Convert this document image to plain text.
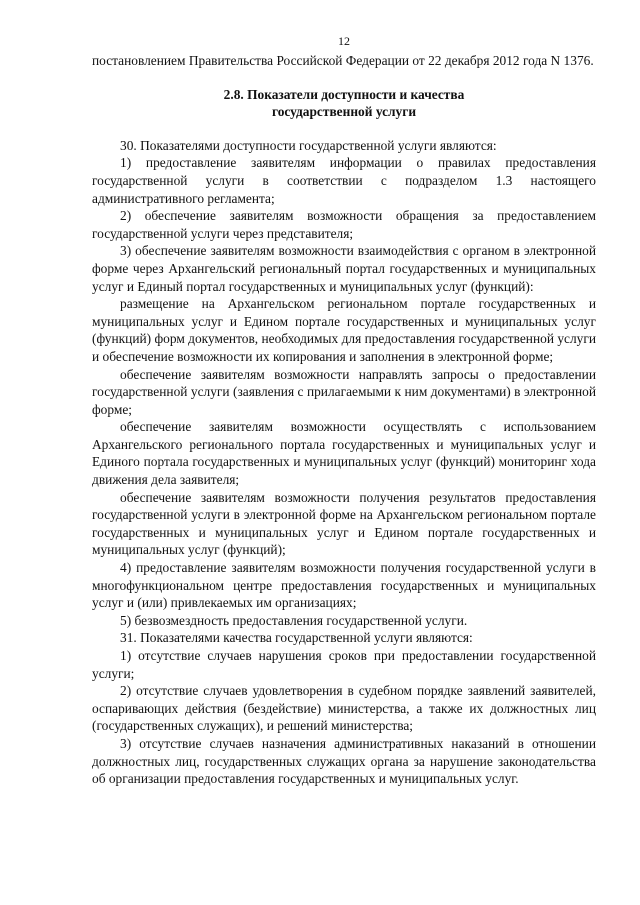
12

постановлением Правительства Российской Федерации от 22 декабря 2012 года N 1376.

2.8. Показатели доступности и качества
государственной услуги

30. Показателями доступности государственной услуги являются:

1) предоставление заявителям информации о правилах предоставления государственной услуги в соответствии с подразделом 1.3 настоящего административного регламента;

2) обеспечение заявителям возможности обращения за предоставлением государственной услуги через представителя;

3) обеспечение заявителям возможности взаимодействия с органом в электронной форме через Архангельский региональный портал государственных и муниципальных услуг и Единый портал государственных и муниципальных услуг (функций):

размещение на Архангельском региональном портале государственных и муниципальных услуг и Едином портале государственных и муниципальных услуг (функций) форм документов, необходимых для предоставления государственной услуги и обеспечение возможности их копирования и заполнения в электронной форме;

обеспечение заявителям возможности направлять запросы о предоставлении государственной услуги (заявления с прилагаемыми к ним документами) в электронной форме;

обеспечение заявителям возможности осуществлять с использованием Архангельского регионального портала государственных и муниципальных услуг и Единого портала государственных и муниципальных услуг (функций) мониторинг хода движения дела заявителя;

обеспечение заявителям возможности получения результатов предоставления государственной услуги в электронной форме на Архангельском региональном портале государственных и муниципальных услуг и Едином портале государственных и муниципальных услуг (функций);

4) предоставление заявителям возможности получения государственной услуги в многофункциональном центре предоставления государственных и муниципальных услуг и (или) привлекаемых им организациях;

5) безвозмездность предоставления государственной услуги.

31. Показателями качества государственной услуги являются:

1) отсутствие случаев нарушения сроков при предоставлении государственной услуги;

2) отсутствие случаев удовлетворения в судебном порядке заявлений заявителей, оспаривающих действия (бездействие) министерства, а также их должностных лиц (государственных служащих), и решений министерства;

3) отсутствие случаев назначения административных наказаний в отношении должностных лиц, государственных служащих органа за нарушение законодательства об организации предоставления государственных и муниципальных услуг.
